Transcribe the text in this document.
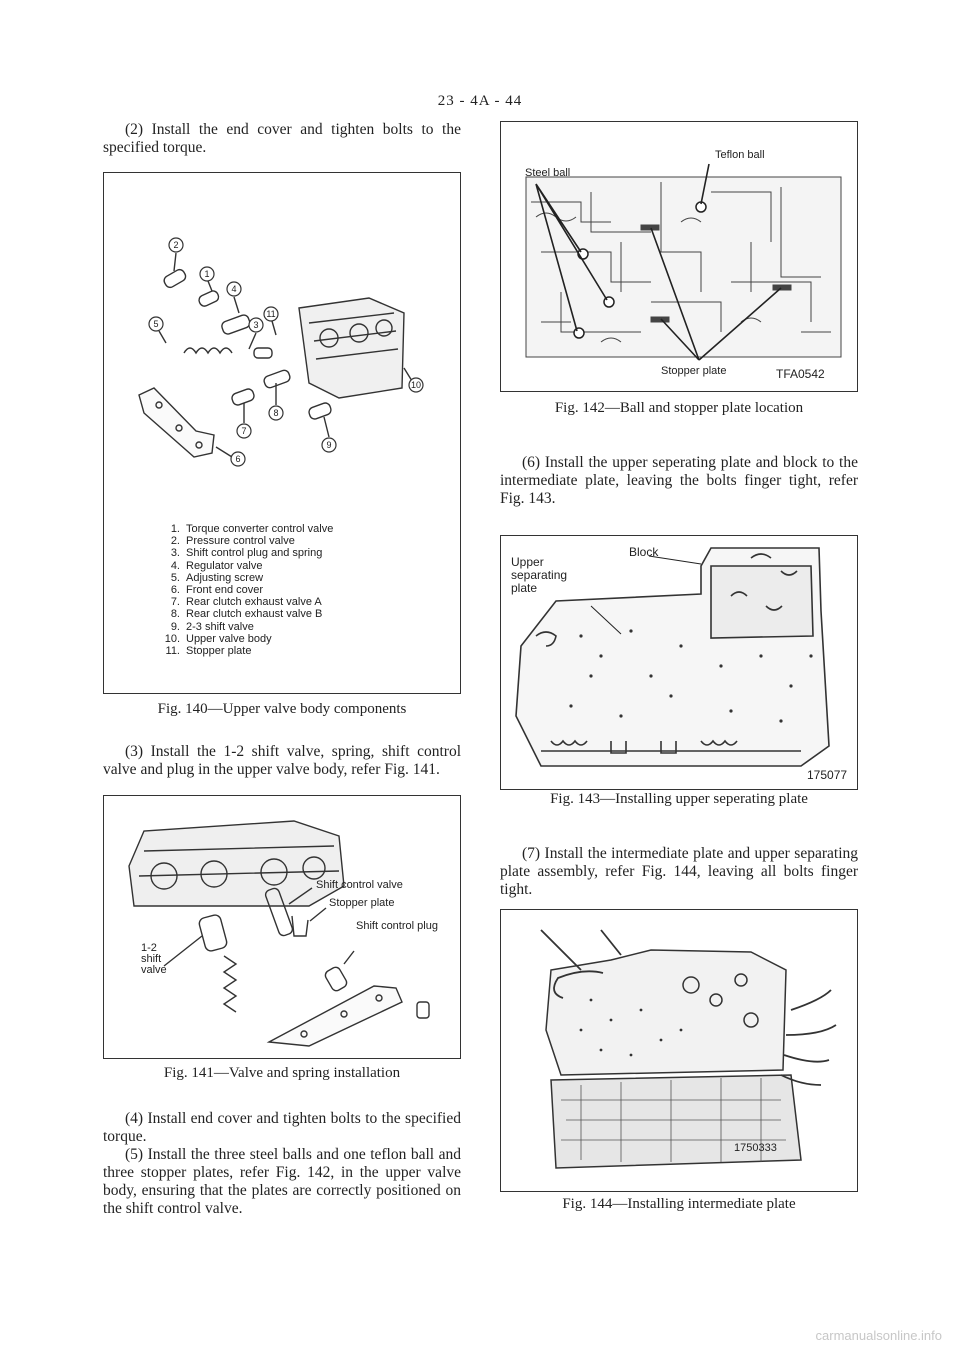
23 - 4A - 44

(2) Install the end cover and tighten bolts to the specified torque.

2
1
4
5	3
11
7
8
9
6
10
1. Torque converter control valve
2. Pressure control valve
3. Shift control plug and spring
4. Regulator valve
5. Adjusting screw
6. Front end cover
7. Rear clutch exhaust valve A
8. Rear clutch exhaust valve B
9. 2-3 shift valve
10. Upper valve body
11. Stopper plate
Fig. 140—Upper valve body components

(3) Install the 1-2 shift valve, spring, shift control valve and plug in the upper valve body, refer Fig. 141.

Shift control valve
Stopper plate
Shift control plug
1-2
shift
valve
Fig. 141—Valve and spring installation

(4) Install end cover and tighten bolts to the specified torque.

(5) Install the three steel balls and one teflon ball and three stopper plates, refer Fig. 142, in the upper valve body, ensuring that the plates are correctly positioned on the shift control valve.

Teflon ball
Steel ball
Stopper plate	TFA0542
Fig. 142—Ball and stopper plate location

(6) Install the upper seperating plate and block to the intermediate plate, leaving the bolts finger tight, refer Fig. 143.

Block
Upper
separating
plate
175077
Fig. 143—Installing upper seperating plate

(7) Install the intermediate plate and upper separating plate assembly, refer Fig. 144, leaving all bolts finger tight.

1750333
Fig. 144—Installing intermediate plate
carmanualsonline.info
